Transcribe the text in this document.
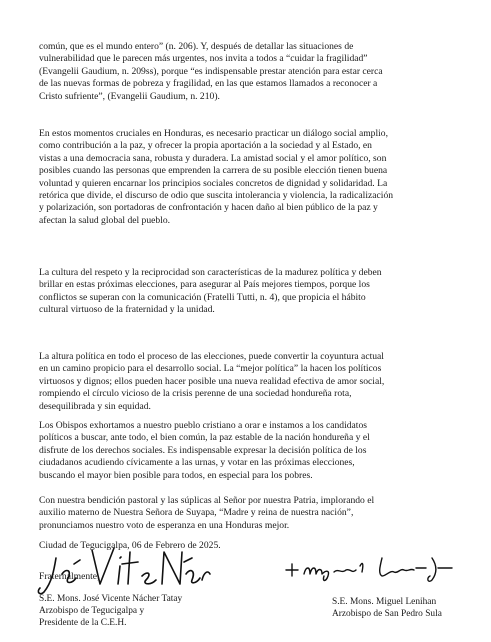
común, que es el mundo entero” (n. 206). Y, después de detallar las situaciones de
vulnerabilidad que le parecen más urgentes, nos invita a todos a “cuidar la fragilidad”
(Evangelii Gaudium, n. 209ss), porque “es indispensable prestar atención para estar cerca
de las nuevas formas de pobreza y fragilidad, en las que estamos llamados a reconocer a
Cristo sufriente”, (Evangelii Gaudium, n. 210).
En estos momentos cruciales en Honduras, es necesario practicar un diálogo social amplio,
como contribución a la paz, y ofrecer la propia aportación a la sociedad y al Estado, en
vistas a una democracia sana, robusta y duradera. La amistad social y el amor político, son
posibles cuando las personas que emprenden la carrera de su posible elección tienen buena
voluntad y quieren encarnar los principios sociales concretos de dignidad y solidaridad. La
retórica que divide, el discurso de odio que suscita intolerancia y violencia, la radicalización
y polarización, son portadoras de confrontación y hacen daño al bien público de la paz y
afectan la salud global del pueblo.
La cultura del respeto y la reciprocidad son características de la madurez política y deben
brillar en estas próximas elecciones, para asegurar al País mejores tiempos, porque los
conflictos se superan con la comunicación (Fratelli Tutti, n. 4), que propicia el hábito
cultural virtuoso de la fraternidad y la unidad.
La altura política en todo el proceso de las elecciones, puede convertir la coyuntura actual
en un camino propicio para el desarrollo social. La “mejor política” la hacen los políticos
virtuosos y dignos; ellos pueden hacer posible una nueva realidad efectiva de amor social,
rompiendo el círculo vicioso de la crisis perenne de una sociedad hondureña rota,
desequilibrada y sin equidad.
Los Obispos exhortamos a nuestro pueblo cristiano a orar e instamos a los candidatos
políticos a buscar, ante todo, el bien común, la paz estable de la nación hondureña y el
disfrute de los derechos sociales. Es indispensable expresar la decisión política de los
ciudadanos acudiendo cívicamente a las urnas, y votar en las próximas elecciones,
buscando el mayor bien posible para todos, en especial para los pobres.
Con nuestra bendición pastoral y las súplicas al Señor por nuestra Patria, implorando el
auxilio materno de Nuestra Señora de Suyapa, “Madre y reina de nuestra nación”,
pronunciamos nuestro voto de esperanza en una Honduras mejor.
Ciudad de Tegucigalpa, 06 de Febrero de 2025.
Fraternalmente,
S.E. Mons. José Vicente Nácher Tatay
Arzobispo de Tegucigalpa y
Presidente de la C.E.H.
S.E. Mons. Miguel Lenihan
Arzobispo de San Pedro Sula
